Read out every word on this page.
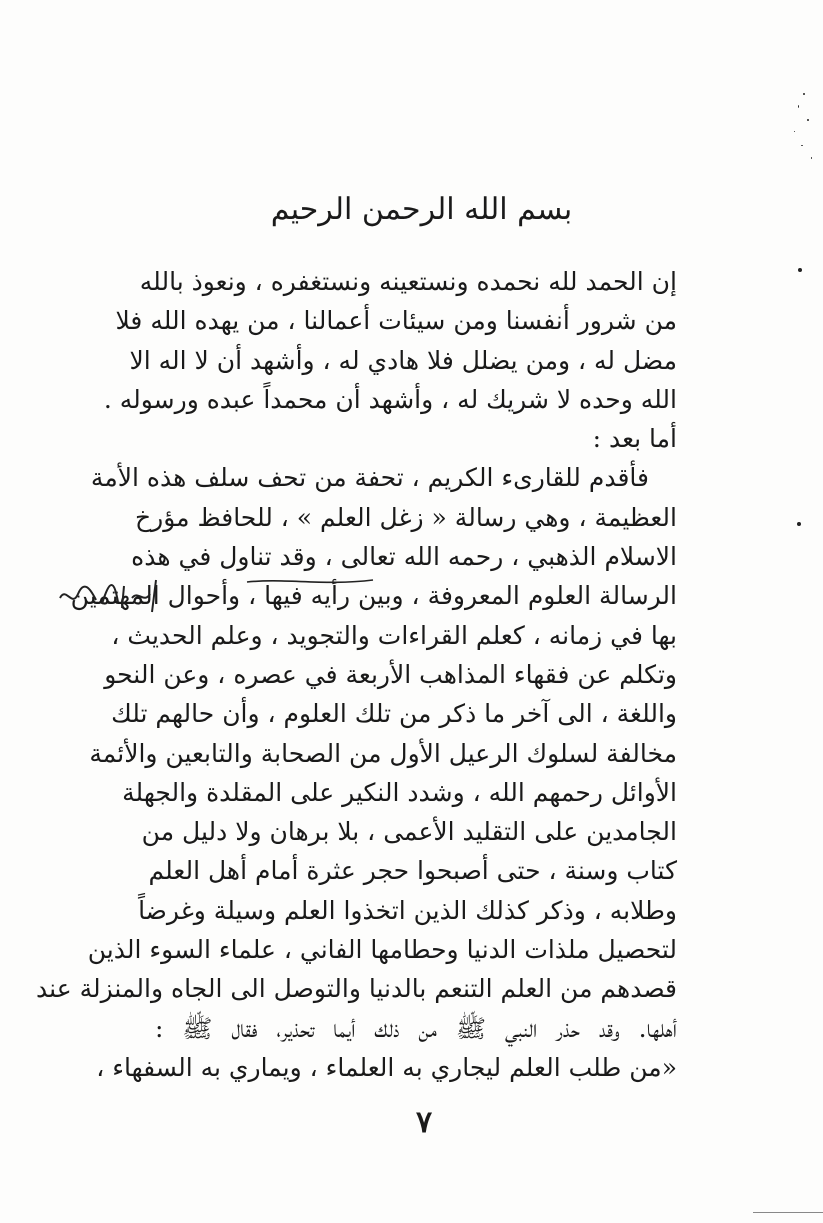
بسم الله الرحمن الرحيم
إن الحمد لله نحمده ونستعينه ونستغفره ، ونعوذ بالله
من شرور أنفسنا ومن سيئات أعمالنا ، من يهده الله فلا
مضل له ، ومن يضلل فلا هادي له ، وأشهد أن لا اله الا
الله وحده لا شريك له ، وأشهد أن محمداً عبده ورسوله .
أما بعد :
فأقدم للقارىء الكريم ، تحفة من تحف سلف هذه الأمة
العظيمة ، وهي رسالة « زغل العلم » ، للحافظ مؤرخ
الاسلام الذهبي ، رحمه الله تعالى ، وقد تناول في هذه
الرسالة العلوم المعروفة ، وبين رأيه فيها ، وأحوال المهتمين
بها في زمانه ، كعلم القراءات والتجويد ، وعلم الحديث ،
وتكلم عن فقهاء المذاهب الأربعة في عصره ، وعن النحو
واللغة ، الى آخر ما ذكر من تلك العلوم ، وأن حالهم تلك
مخالفة لسلوك الرعيل الأول من الصحابة والتابعين والأئمة
الأوائل رحمهم الله ، وشدد النكير على المقلدة والجهلة
الجامدين على التقليد الأعمى ، بلا برهان ولا دليل من
كتاب وسنة ، حتى أصبحوا حجر عثرة أمام أهل العلم
وطلابه ، وذكر كذلك الذين اتخذوا العلم وسيلة وغرضاً
لتحصيل ملذات الدنيا وحطامها الفاني ، علماء السوء الذين
قصدهم من العلم التنعم بالدنيا والتوصل الى الجاه والمنزلة عند
أهلها. وقد حذر النبي ﷺ من ذلك أيما تحذير، فقال ﷺ :
«من طلب العلم ليجاري به العلماء ، ويماري به السفهاء ،
٧
